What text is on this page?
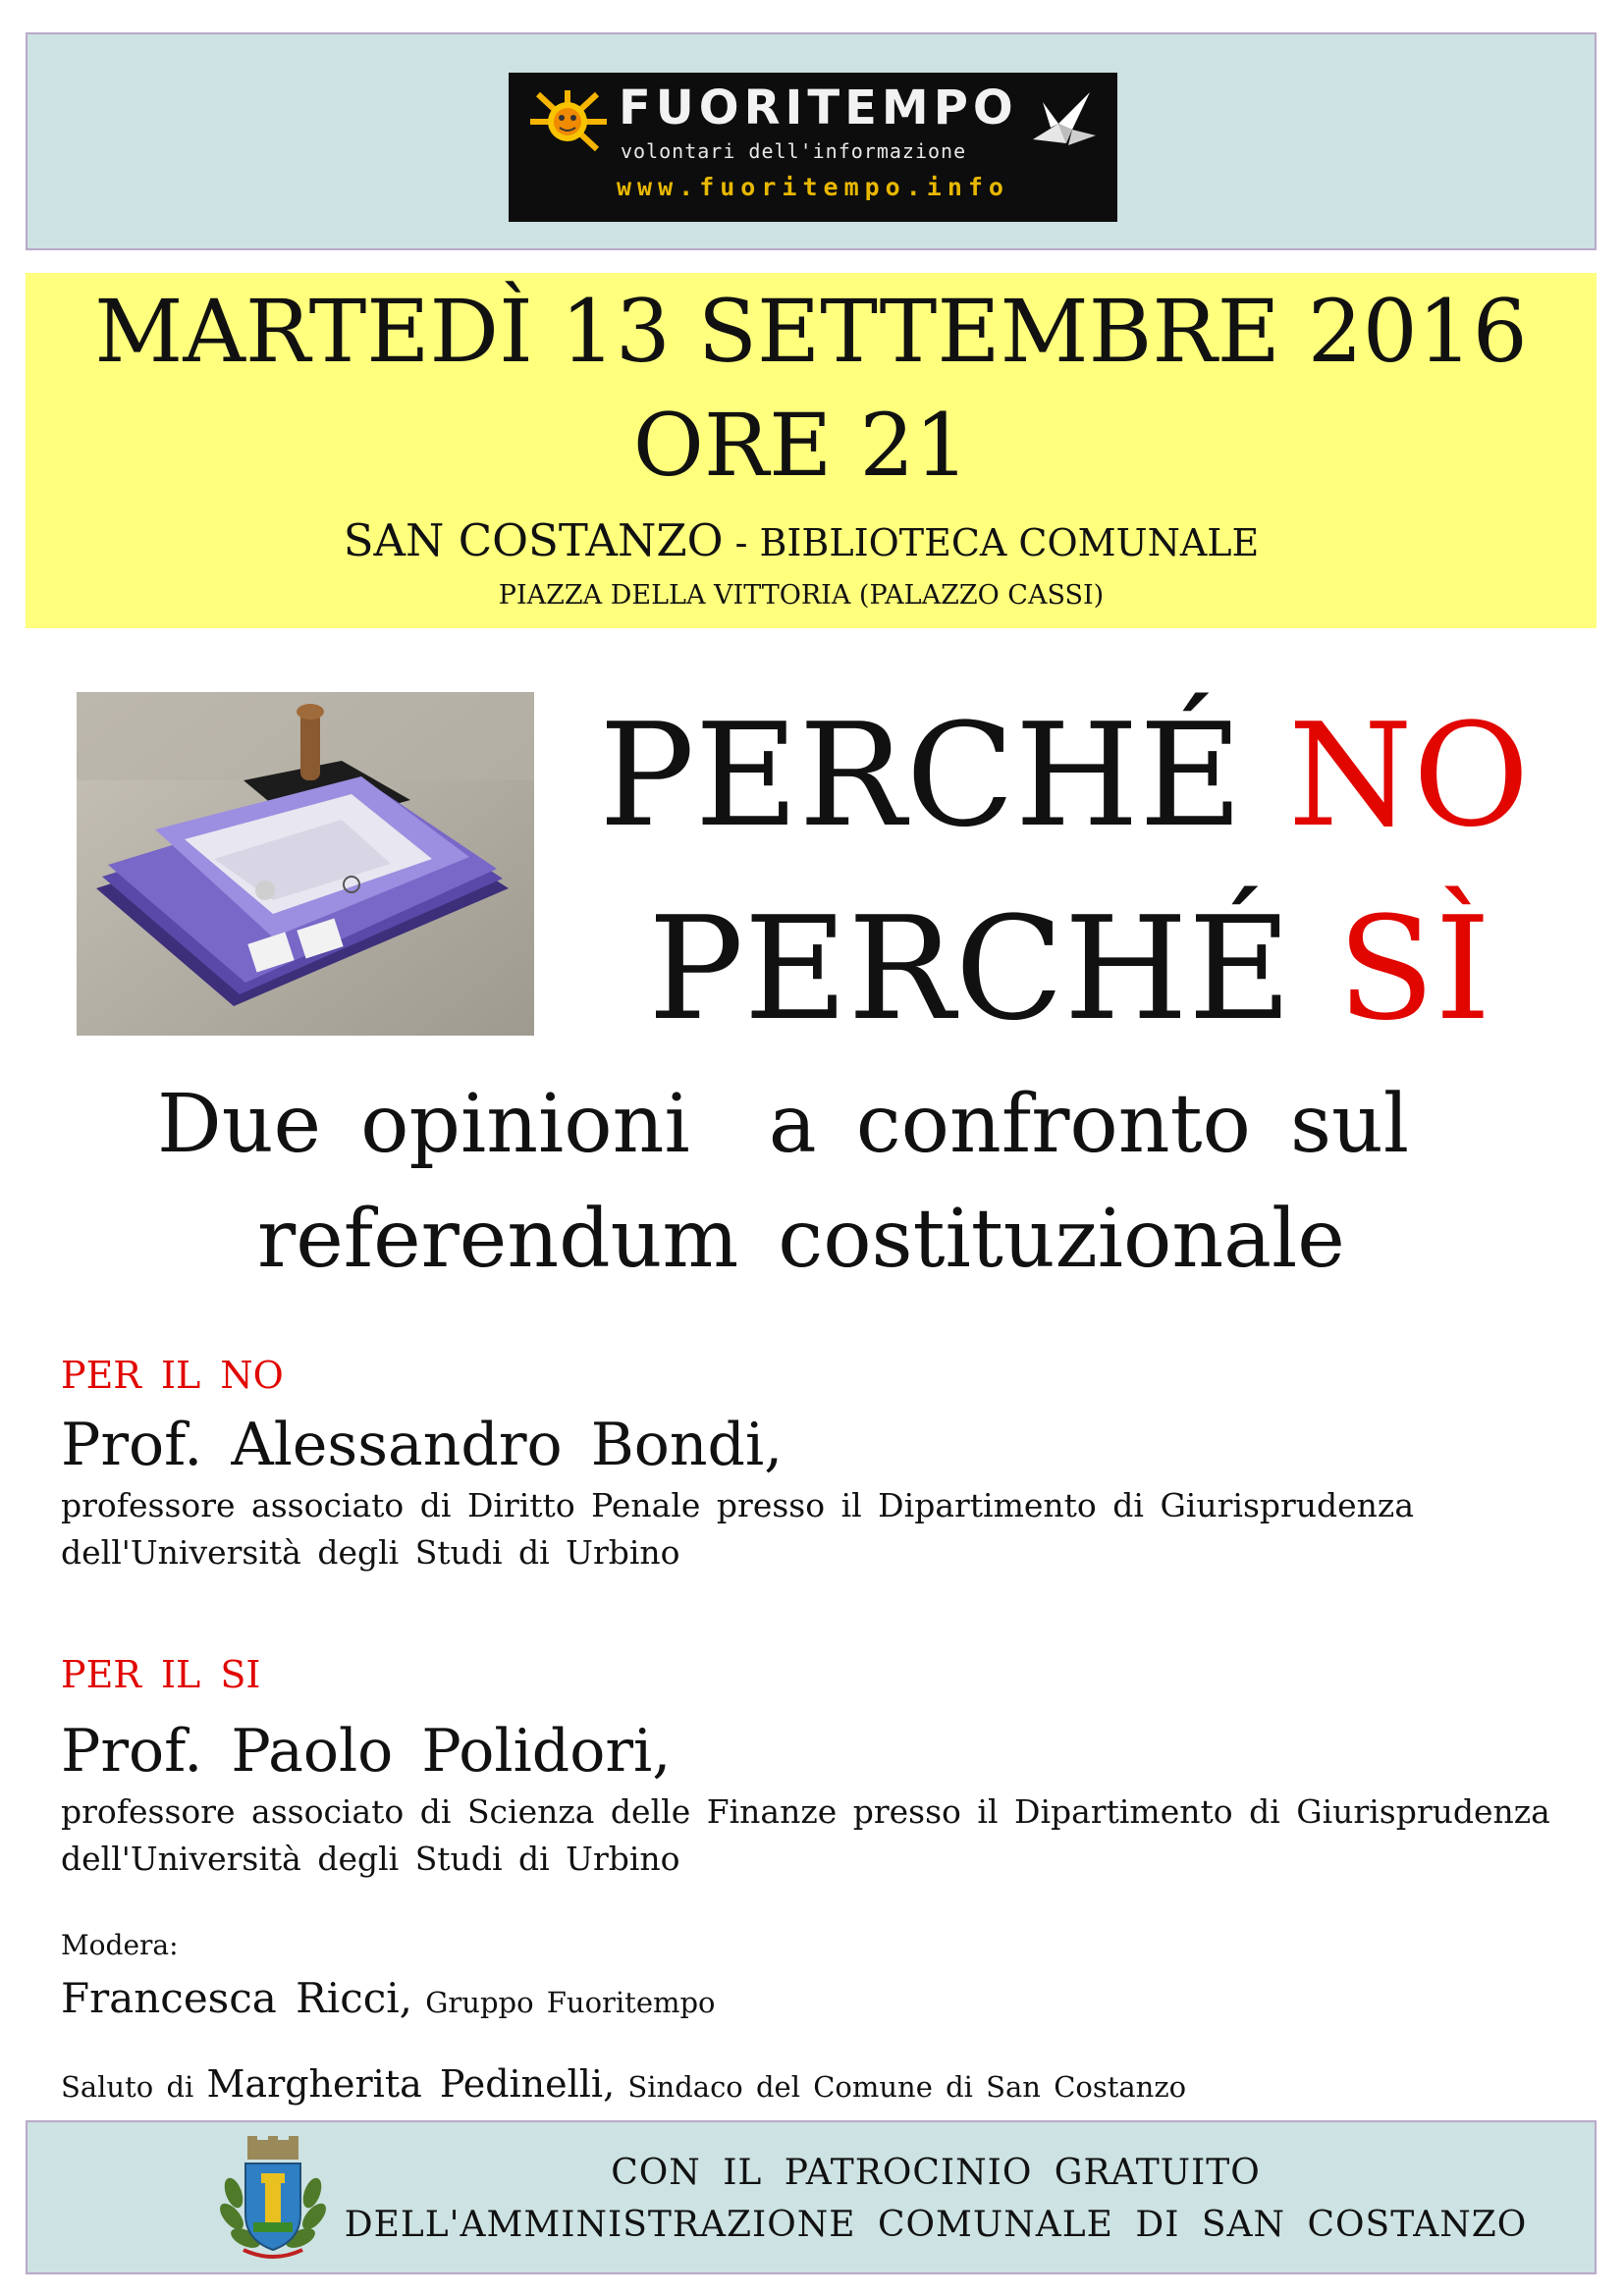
FUORITEMPO
volontari dell'informazione
www.fuoritempo.info
MARTEDÌ 13 SETTEMBRE 2016
ORE 21
SAN COSTANZO - BIBLIOTECA COMUNALE
PIAZZA DELLA VITTORIA (PALAZZO CASSI)
PERCHÉ NO
PERCHÉ SÌ
Due opinioni  a confronto sul
referendum costituzionale
PER IL NO
Prof. Alessandro Bondi,
professore associato di Diritto Penale presso il Dipartimento di Giurisprudenza
dell'Università degli Studi di Urbino
PER IL SI
Prof. Paolo Polidori,
professore associato di Scienza delle Finanze presso il Dipartimento di Giurisprudenza
dell'Università degli Studi di Urbino
Modera:
Francesca Ricci, Gruppo Fuoritempo
Saluto di Margherita Pedinelli, Sindaco del Comune di San Costanzo
CON IL PATROCINIO GRATUITO
DELL'AMMINISTRAZIONE COMUNALE DI SAN COSTANZO
